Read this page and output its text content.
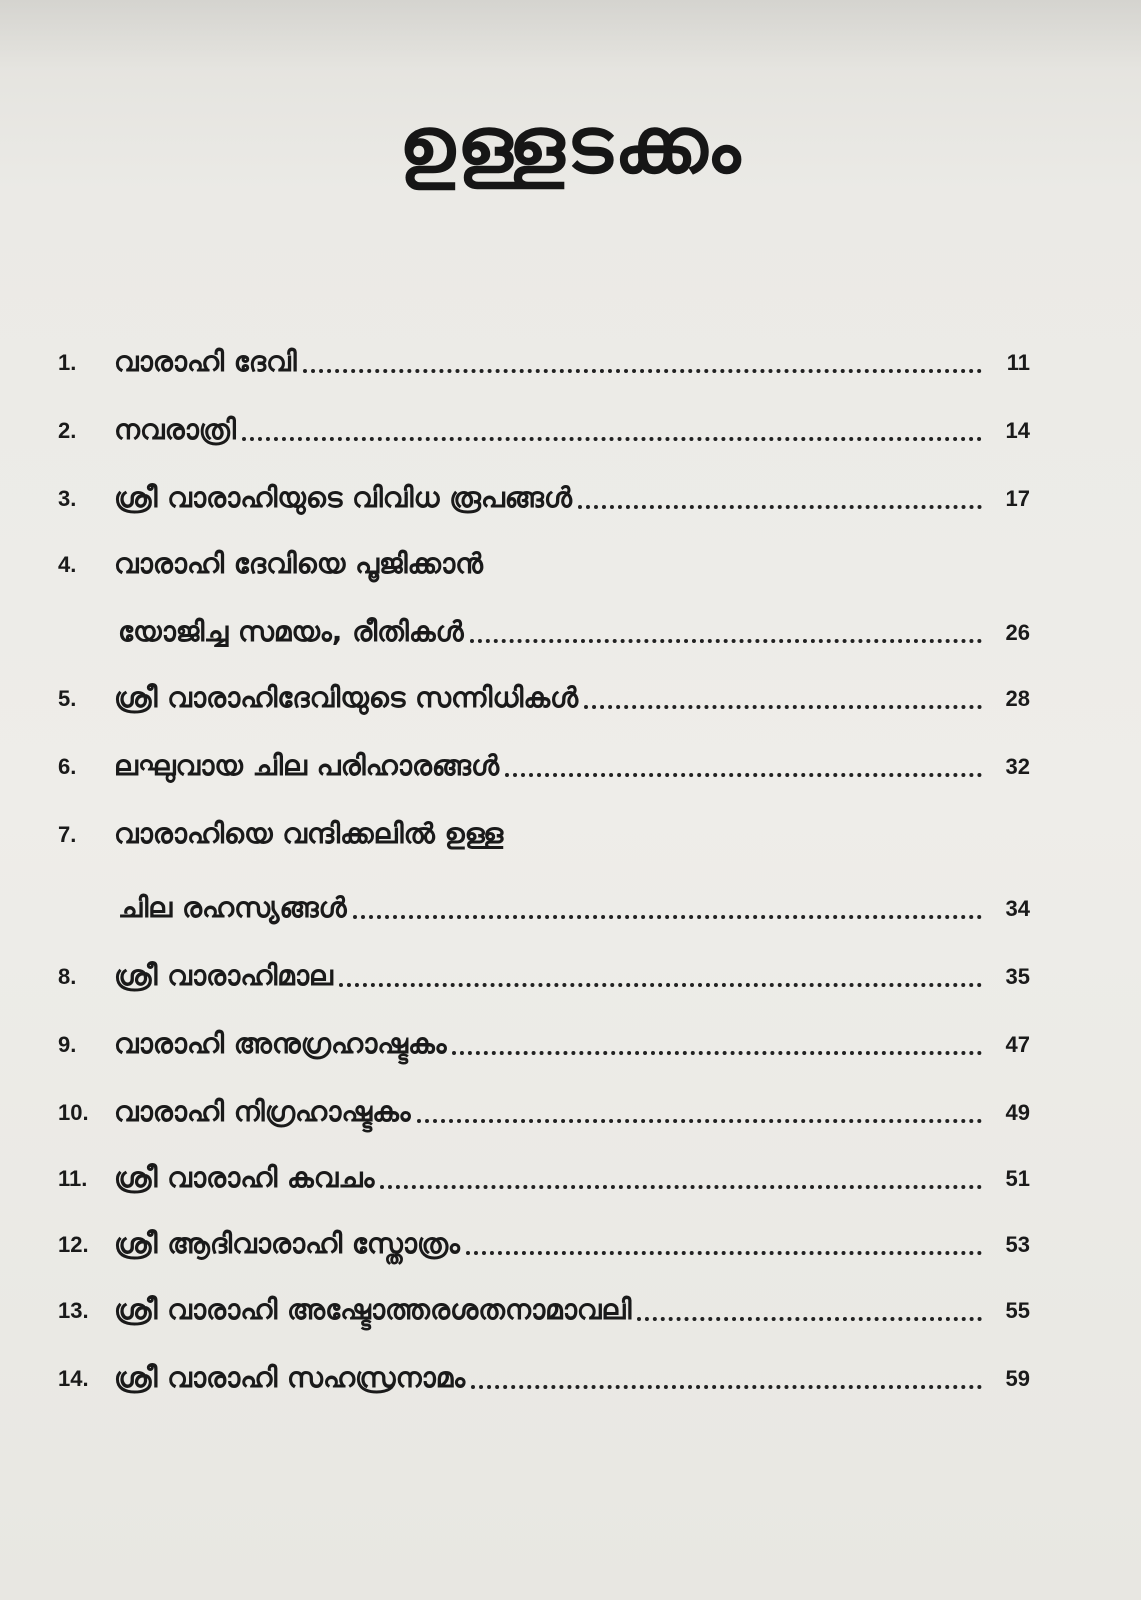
ഉള്ളടക്കം
1.	വാരാഹി ദേവി	11
2.	നവരാത്രി	14
3.	ശ്രീ വാരാഹിയുടെ വിവിധ രൂപങ്ങൾ	17
4.	വാരാഹി ദേവിയെ പൂജിക്കാൻ
യോജിച്ച സമയം, രീതികൾ	26
5.	ശ്രീ വാരാഹിദേവിയുടെ സന്നിധികൾ	28
6.	ലഘുവായ ചില പരിഹാരങ്ങൾ	32
7.	വാരാഹിയെ വന്ദിക്കലിൽ ഉള്ള
ചില രഹസ്യങ്ങൾ	34
8.	ശ്രീ വാരാഹിമാല	35
9.	വാരാഹി അനുഗ്രഹാഷ്ടകം	47
10. വാരാഹി നിഗ്രഹാഷ്ടകം	49
11. ശ്രീ വാരാഹി കവചം	51
12. ശ്രീ ആദിവാരാഹി സ്തോത്രം	53
13. ശ്രീ വാരാഹി അഷ്ടോത്തരശതനാമാവലി	55
14. ശ്രീ വാരാഹി സഹസ്രനാമം	59
